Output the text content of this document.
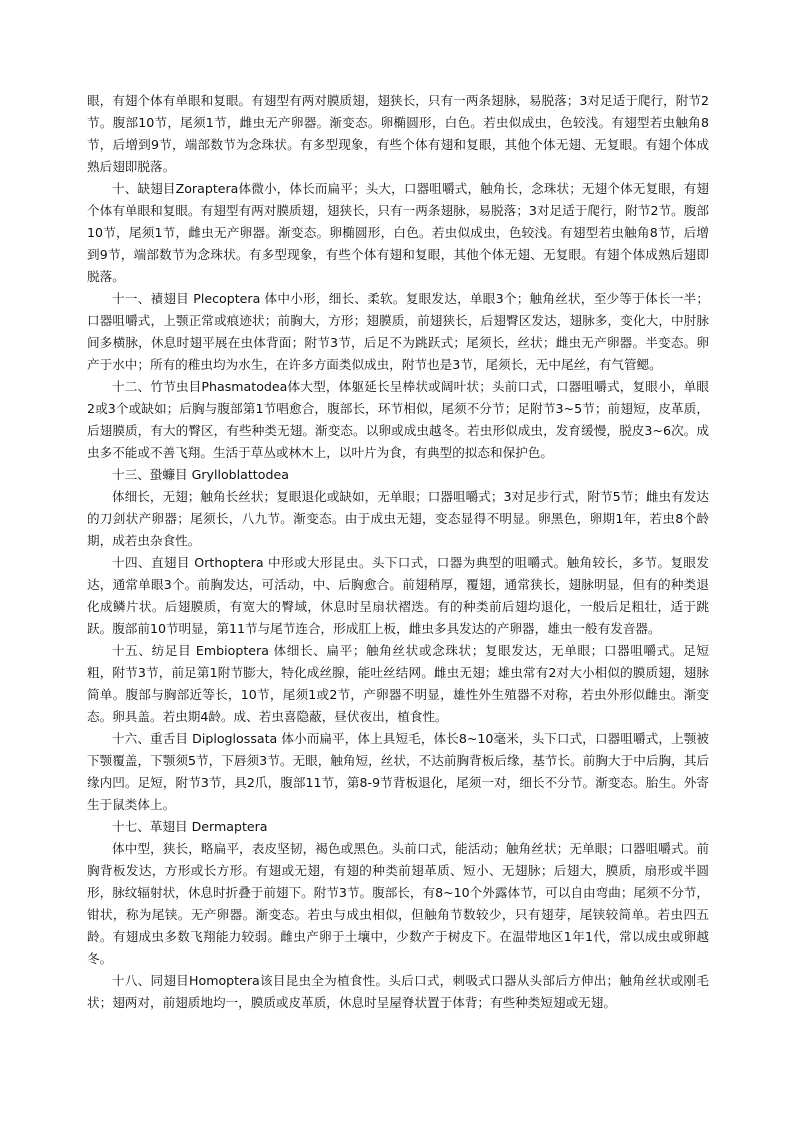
眼，有翅个体有单眼和复眼。有翅型有两对膜质翅，翅狭长，只有一两条翅脉，易脱落；3对足适于爬行，附节2节。腹部10节，尾须1节，雌虫无产卵器。渐变态。卵椭圆形，白色。若虫似成虫，色较浅。有翅型若虫触角8节，后增到9节，端部数节为念珠状。有多型现象，有些个体有翅和复眼，其他个体无翅、无复眼。有翅个体成熟后翅即脱落。

十、缺翅目Zoraptera体微小，体长而扁平；头大，口器咀嚼式，触角长，念珠状；无翅个体无复眼，有翅个体有单眼和复眼。有翅型有两对膜质翅，翅狭长，只有一两条翅脉，易脱落；3对足适于爬行，附节2节。腹部10节，尾须1节，雌虫无产卵器。渐变态。卵椭圆形，白色。若虫似成虫，色较浅。有翅型若虫触角8节，后增到9节，端部数节为念珠状。有多型现象，有些个体有翅和复眼，其他个体无翅、无复眼。有翅个体成熟后翅即脱落。

十一、襀翅目 Plecoptera 体中小形，细长、柔软。复眼发达，单眼3个；触角丝状，至少等于体长一半；口器咀嚼式，上颚正常或痕迹状；前胸大，方形；翅膜质，前翅狭长，后翅臀区发达，翅脉多，变化大，中肘脉间多横脉，休息时翅平展在虫体背面；附节3节，后足不为跳跃式；尾须长，丝状；雌虫无产卵器。半变态。卵产于水中；所有的稚虫均为水生，在许多方面类似成虫，附节也是3节，尾须长，无中尾丝，有气管鳃。

十二、竹节虫目Phasmatodea体大型，体躯延长呈棒状或阔叶状；头前口式，口器咀嚼式，复眼小，单眼2或3个或缺如；后胸与腹部第1节唱愈合，腹部长，环节相似，尾须不分节；足附节3~5节；前翅短，皮革质，后翅膜质，有大的臀区，有些种类无翅。渐变态。以卵或成虫越冬。若虫形似成虫，发育缓慢，脱皮3~6次。成虫多不能或不善飞翔。生活于草丛或林木上，以叶片为食，有典型的拟态和保护色。

十三、蛩蠊目 Grylloblattodea

体细长，无翅；触角长丝状；复眼退化或缺如，无单眼；口器咀嚼式；3对足步行式，附节5节；雌虫有发达的刀剑状产卵器；尾须长，八九节。渐变态。由于成虫无翅，变态显得不明显。卵黑色，卵期1年，若虫8个龄期，成若虫杂食性。

十四、直翅目 Orthoptera 中形或大形昆虫。头下口式，口器为典型的咀嚼式。触角较长，多节。复眼发达，通常单眼3个。前胸发达，可活动，中、后胸愈合。前翅稍厚，覆翅，通常狭长，翅脉明显，但有的种类退化成鳞片状。后翅膜质，有宽大的臀域，休息时呈扇状褶迭。有的种类前后翅均退化，一般后足粗壮，适于跳跃。腹部前10节明显，第11节与尾节连合，形成肛上板，雌虫多具发达的产卵器，雄虫一般有发音器。

十五、纺足目 Embioptera 体细长、扁平；触角丝状或念珠状；复眼发达，无单眼；口器咀嚼式。足短粗，附节3节，前足第1附节膨大，特化成丝腺，能吐丝结网。雌虫无翅；雄虫常有2对大小相似的膜质翅，翅脉简单。腹部与胸部近等长，10节，尾须1或2节，产卵器不明显，雄性外生殖器不对称，若虫外形似雌虫。渐变态。卵具盖。若虫期4龄。成、若虫喜隐蔽，昼伏夜出，植食性。

十六、重舌目 Diploglossata 体小而扁平，体上具短毛，体长8~10毫米，头下口式，口器咀嚼式，上颚被下颚覆盖，下颚须5节，下唇须3节。无眼，触角短，丝状，不达前胸背板后缘，基节长。前胸大于中后胸，其后缘内凹。足短，附节3节，具2爪，腹部11节，第8-9节背板退化，尾须一对，细长不分节。渐变态。胎生。外寄生于鼠类体上。

十七、革翅目 Dermaptera

体中型，狭长，略扁平，表皮坚韧，褐色或黑色。头前口式，能活动；触角丝状；无单眼；口器咀嚼式。前胸背板发达，方形或长方形。有翅或无翅，有翅的种类前翅革质、短小、无翅脉；后翅大，膜质，扇形或半圆形，脉纹辐射状，休息时折叠于前翅下。附节3节。腹部长，有8~10个外露体节，可以自由弯曲；尾须不分节，钳状，称为尾铗。无产卵器。渐变态。若虫与成虫相似，但触角节数较少，只有翅芽，尾铗较简单。若虫四五龄。有翅成虫多数飞翔能力较弱。雌虫产卵于土壤中，少数产于树皮下。在温带地区1年1代，常以成虫或卵越冬。

十八、同翅目Homoptera该目昆虫全为植食性。头后口式，刺吸式口器从头部后方伸出；触角丝状或刚毛状；翅两对，前翅质地均一，膜质或皮革质，休息时呈屋脊状置于体背；有些种类短翅或无翅。
